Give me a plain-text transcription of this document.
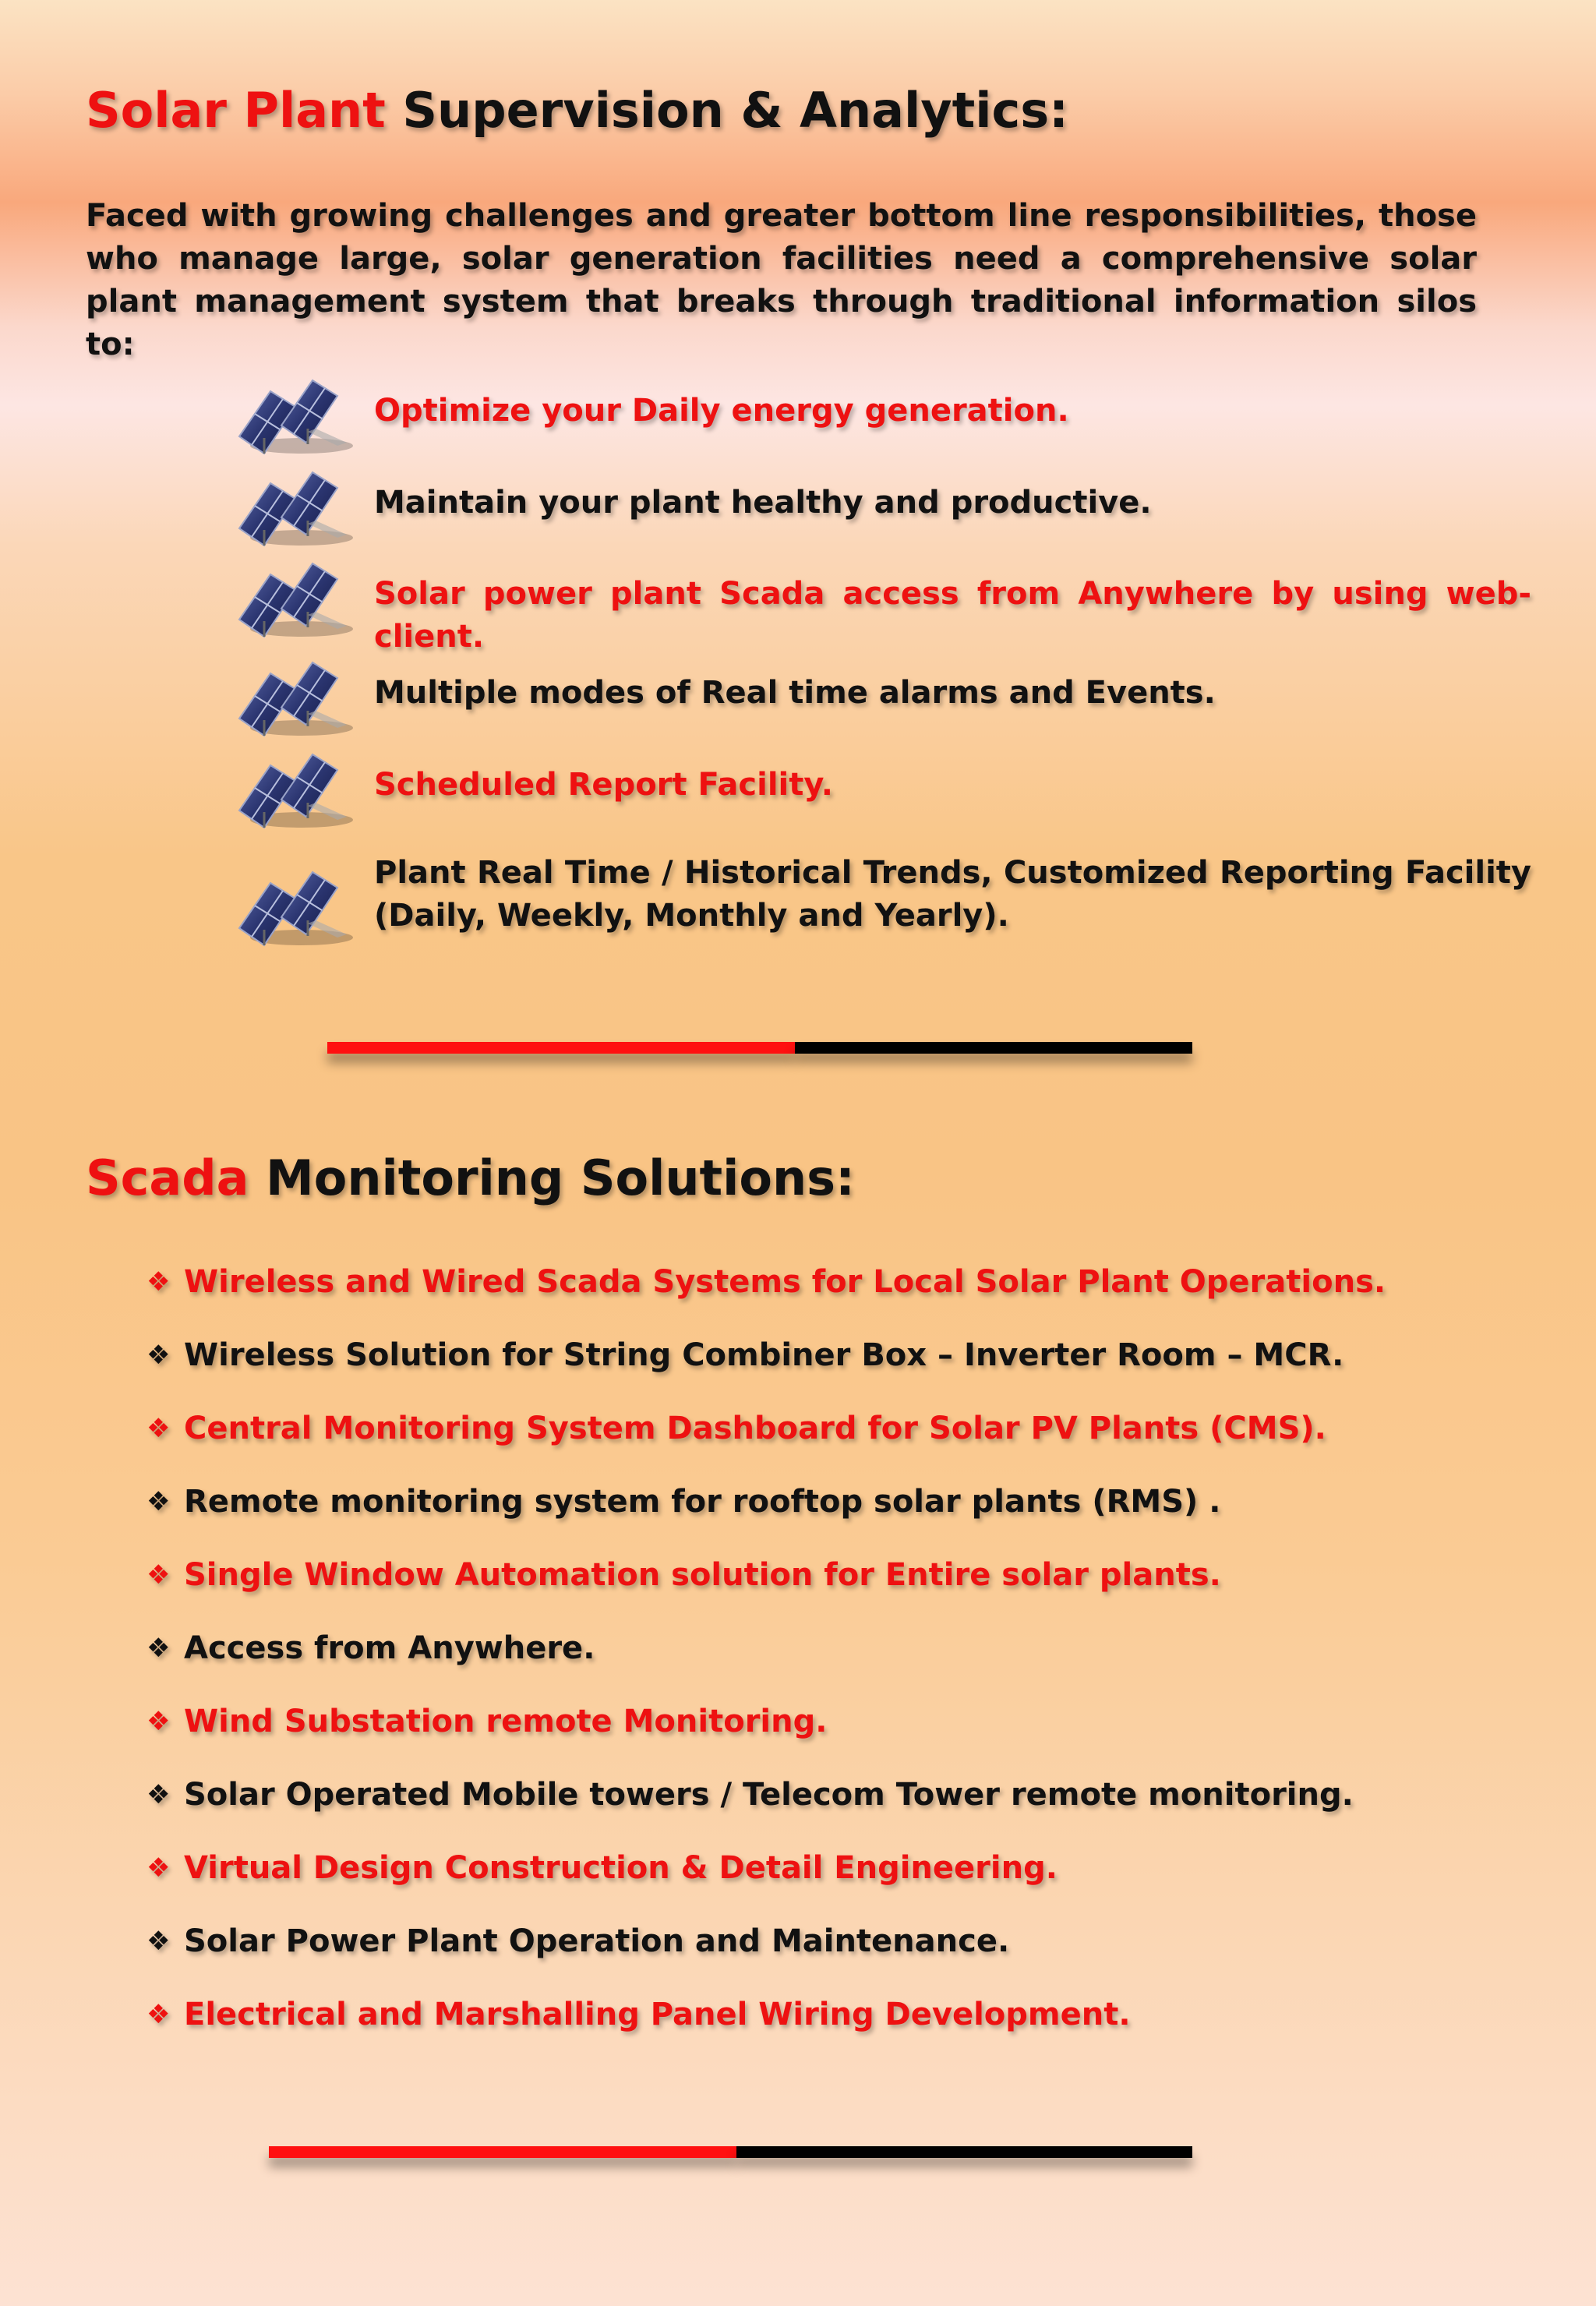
Solar Plant Supervision & Analytics:

Faced with growing challenges and greater bottom line responsibilities, those who manage large, solar generation facilities need a comprehensive solar plant management system that breaks through traditional information silos to:

Optimize your Daily energy generation.
Maintain your plant healthy and productive.
Solar power plant Scada access from Anywhere by using web-client.
Multiple modes of Real time alarms and Events.
Scheduled Report Facility.
Plant Real Time / Historical Trends, Customized Reporting Facility (Daily, Weekly, Monthly and Yearly).
Scada Monitoring Solutions:
❖ Wireless and Wired Scada Systems for Local Solar Plant Operations.
❖ Wireless Solution for String Combiner Box – Inverter Room – MCR.
❖ Central Monitoring System Dashboard for Solar PV Plants (CMS).
❖ Remote monitoring system for rooftop solar plants (RMS) .
❖ Single Window Automation solution for Entire solar plants.
❖ Access from Anywhere.
❖ Wind Substation remote Monitoring.
❖ Solar Operated Mobile towers / Telecom Tower remote monitoring.
❖ Virtual Design Construction & Detail Engineering.
❖ Solar Power Plant Operation and Maintenance.
❖ Electrical and Marshalling Panel Wiring Development.
